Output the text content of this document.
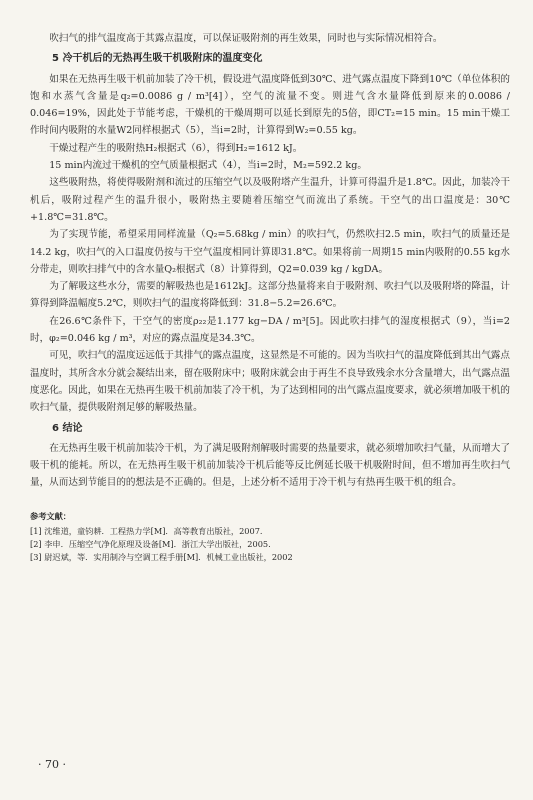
吹扫气的排气温度高于其露点温度，可以保证吸附剂的再生效果，同时也与实际情况相符合。

5 冷干机后的无热再生吸干机吸附床的温度变化

如果在无热再生吸干机前加装了冷干机，假设进气温度降低到30℃、进气露点温度下降到10℃（单位体积的饱和水蒸气含量是q₂=0.0086 g / m³[4]），空气的流量不变。则进气含水量降低到原来的0.0086 / 0.046=19%，因此处于节能考虑，干燥机的干燥周期可以延长到原先的5倍，即CT₂=15 min。15 min干燥工作时间内吸附的水量W2同样根据式（5），当i=2时，计算得到W₂=0.55 kg。

干燥过程产生的吸附热H₂根据式（6），得到H₂=1612 kJ。

15 min内流过干燥机的空气质量根据式（4），当i=2时，M₂=592.2 kg。

这些吸附热，将使得吸附剂和流过的压缩空气以及吸附塔产生温升，计算可得温升是1.8℃。因此，加装冷干机后，吸附过程产生的温升很小，吸附热主要随着压缩空气而流出了系统。干空气的出口温度是：30℃+1.8℃=31.8℃。

为了实现节能，希望采用同样流量（Q₂=5.68kg / min）的吹扫气，仍然吹扫2.5 min，吹扫气的质量还是14.2 kg，吹扫气的入口温度仍按与干空气温度相同计算即31.8℃。如果将前一周期15 min内吸附的0.55 kg水分带走，则吹扫排气中的含水量Q₂根据式（8）计算得到，Q2=0.039 kg / kgDA。

为了解吸这些水分，需要的解吸热也是1612kJ。这部分热量将来自于吸附剂、吹扫气以及吸附塔的降温，计算得到降温幅度5.2℃，则吹扫气的温度将降低到：31.8−5.2=26.6℃。

在26.6℃条件下，干空气的密度ρ₂₂是1.177 kg−DA / m³[5]。因此吹扫排气的湿度根据式（9），当i=2时，φ₂=0.046 kg / m³，对应的露点温度是34.3℃。

可见，吹扫气的温度远远低于其排气的露点温度，这显然是不可能的。因为当吹扫气的温度降低到其出气露点温度时，其所含水分就会凝结出来，留在吸附床中；吸附床就会由于再生不良导致残余水分含量增大，出气露点温度恶化。因此，如果在无热再生吸干机前加装了冷干机，为了达到相同的出气露点温度要求，就必须增加吸干机的吹扫气量，提供吸附剂足够的解吸热量。

6 结论

在无热再生吸干机前加装冷干机，为了满足吸附剂解吸时需要的热量要求，就必须增加吹扫气量，从而增大了吸干机的能耗。所以，在无热再生吸干机前加装冷干机后能等反比例延长吸干机吸附时间，但不增加再生吹扫气量，从而达到节能目的的想法是不正确的。但是，上述分析不适用于冷干机与有热再生吸干机的组合。

参考文献：
[1] 沈维道，童钧耕．工程热力学[M]．高等教育出版社，2007.
[2] 李申．压缩空气净化原理及设备[M]．浙江大学出版社，2005.
[3] 尉迟斌，等．实用制冷与空调工程手册[M]．机械工业出版社，2002
· 70 ·
